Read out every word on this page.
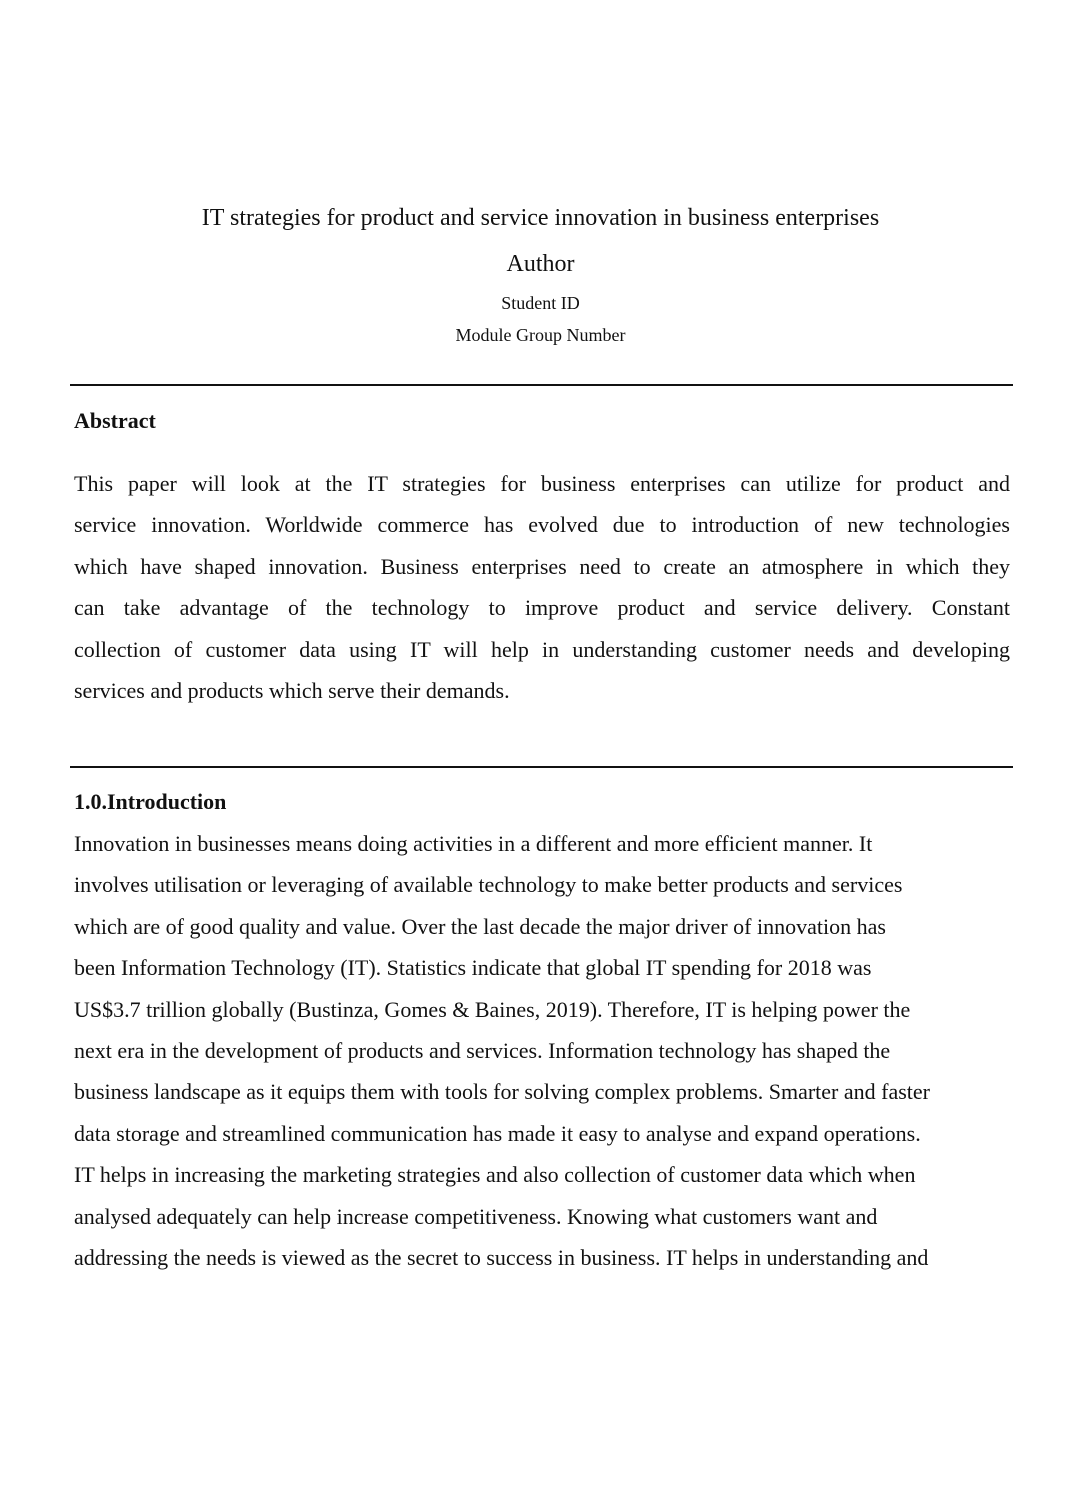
IT strategies for product and service innovation in business enterprises
Author
Student ID
Module Group Number
Abstract
This paper will look at the IT strategies for business enterprises can utilize for product and
service innovation. Worldwide commerce has evolved due to introduction of new technologies
which have shaped innovation. Business enterprises need to create an atmosphere in which they
can take advantage of the technology to improve product and service delivery. Constant
collection of customer data using IT will help in understanding customer needs and developing
services and products which serve their demands.
1.0.Introduction
Innovation in businesses means doing activities in a different and more efficient manner. It
involves utilisation or leveraging of available technology to make better products and services
which are of good quality and value. Over the last decade the major driver of innovation has
been Information Technology (IT). Statistics indicate that global IT spending for 2018 was
US$3.7 trillion globally (Bustinza, Gomes & Baines, 2019). Therefore, IT is helping power the
next era in the development of products and services. Information technology has shaped the
business landscape as it equips them with tools for solving complex problems. Smarter and faster
data storage and streamlined communication has made it easy to analyse and expand operations.
IT helps in increasing the marketing strategies and also collection of customer data which when
analysed adequately can help increase competitiveness. Knowing what customers want and
addressing the needs is viewed as the secret to success in business. IT helps in understanding and
